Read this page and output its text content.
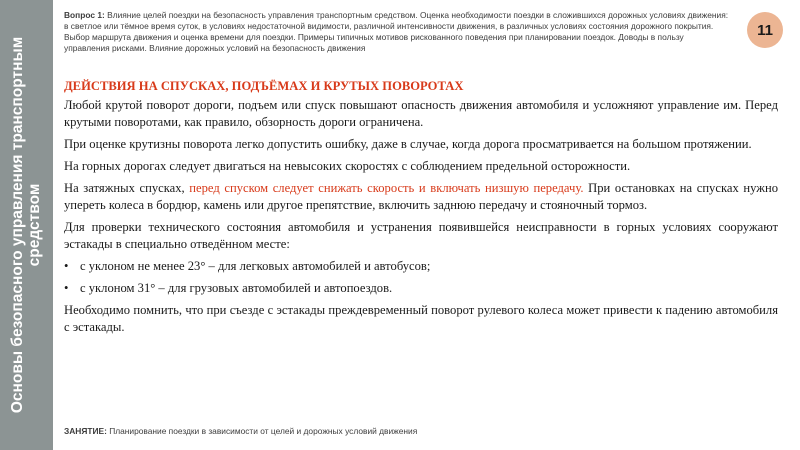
Основы безопасного управления транспортным средством
Вопрос 1: Влияние целей поездки на безопасность управления транспортным средством. Оценка необходимости поездки в сложившихся дорожных условиях движения: в светлое или тёмное время суток, в условиях недостаточной видимости, различной интенсивности движения, в различных условиях состояния дорожного покрытия. Выбор маршрута движения и оценка времени для поездки. Примеры типичных мотивов рискованного поведения при планировании поездок. Доводы в пользу управления рисками. Влияние дорожных условий на безопасность движения
11
ДЕЙСТВИЯ НА СПУСКАХ, ПОДЪЁМАХ И КРУТЫХ ПОВОРОТАХ

Любой крутой поворот дороги, подъем или спуск повышают опасность движения автомобиля и усложняют управление им. Перед крутыми поворотами, как правило, обзорность дороги ограничена.

При оценке крутизны поворота легко допустить ошибку, даже в случае, когда дорога просматривается на большом протяжении.

На горных дорогах следует двигаться на невысоких скоростях с соблюдением предельной осторожности.

На затяжных спусках, перед спуском следует снижать скорость и включать низшую передачу. При остановках на спусках нужно упереть колеса в бордюр, камень или другое препятствие, включить заднюю передачу и стояночный тормоз.

Для проверки технического состояния автомобиля и устранения появившейся неисправности в горных условиях сооружают эстакады в специально отведённом месте:

• с уклоном не менее 23° – для легковых автомобилей и автобусов;
• с уклоном 31° – для грузовых автомобилей и автопоездов.

Необходимо помнить, что при съезде с эстакады преждевременный поворот рулевого колеса может привести к падению автомобиля с эстакады.

ЗАНЯТИЕ: Планирование поездки в зависимости от целей и дорожных условий движения
